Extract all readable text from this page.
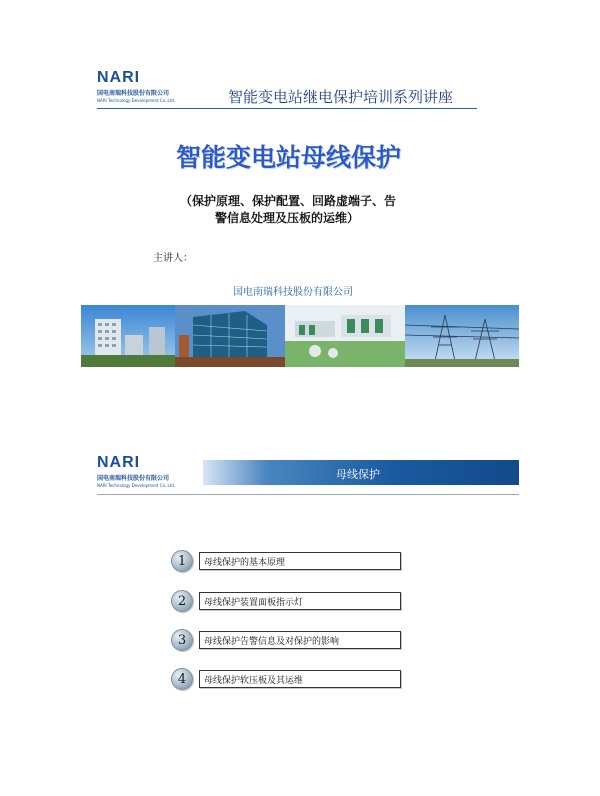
NARI
国电南瑞科技股份有限公司
NARI Technology Development Co.,Ltd.	智能变电站继电保护培训系列讲座
智能变电站母线保护
（保护原理、保护配置、回路虚端子、告
警信息处理及压板的运维）
主讲人：
国电南瑞科技股份有限公司
NARI
国电南瑞科技股份有限公司
NARI Technology Development Co.,Ltd.
母线保护
1	母线保护的基本原理
2	母线保护装置面板指示灯
3	母线保护告警信息及对保护的影响
4	母线保护软压板及其运维
